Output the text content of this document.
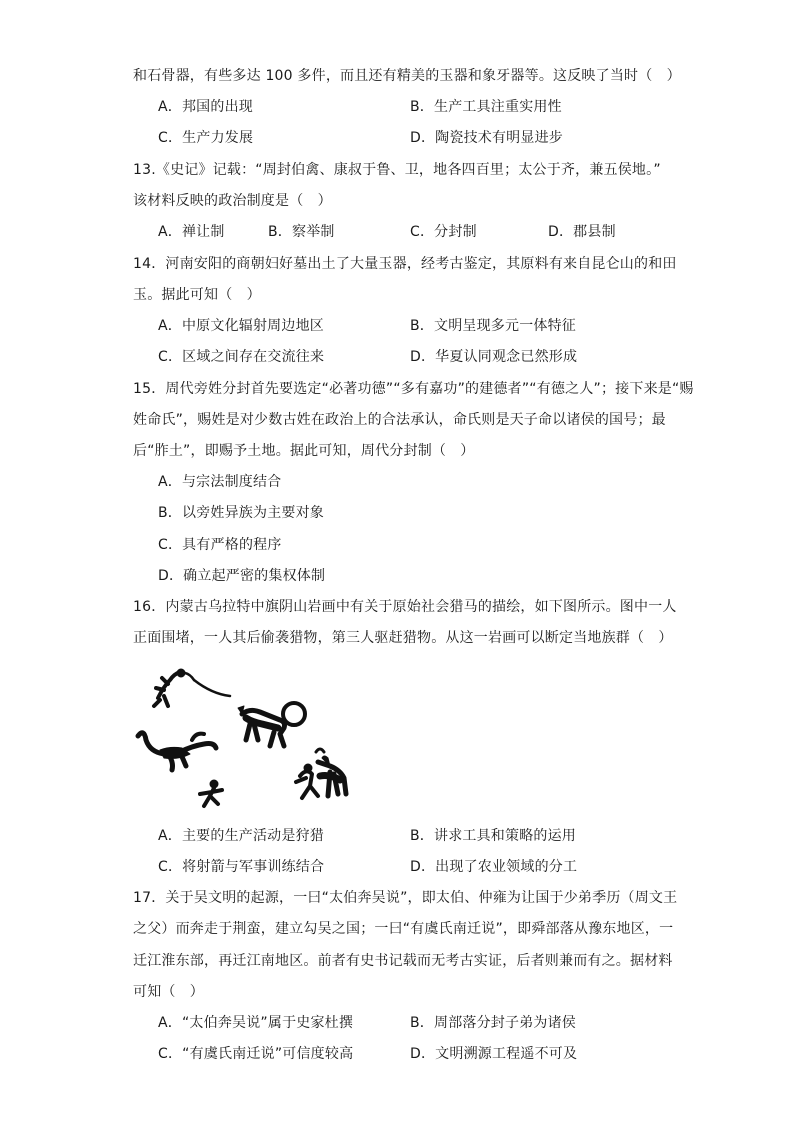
和石骨器，有些多达 100 多件，而且还有精美的玉器和象牙器等。这反映了当时（　）
A．邦国的出现	B．生产工具注重实用性
C．生产力发展	D．陶瓷技术有明显进步
13.《史记》记载：“周封伯禽、康叔于鲁、卫，地各四百里；太公于齐，兼五侯地。”
该材料反映的政治制度是（　）
A．禅让制	B．察举制	C．分封制	D．郡县制
14．河南安阳的商朝妇好墓出土了大量玉器，经考古鉴定，其原料有来自昆仑山的和田
玉。据此可知（　）
A．中原文化辐射周边地区	B．文明呈现多元一体特征
C．区域之间存在交流往来	D．华夏认同观念已然形成
15．周代旁姓分封首先要选定“必著功德”“多有嘉功”的建德者”“有德之人”；接下来是“赐
姓命氏”，赐姓是对少数古姓在政治上的合法承认，命氏则是天子命以诸侯的国号；最
后“胙土”，即赐予土地。据此可知，周代分封制（　）
A．与宗法制度结合
B．以旁姓异族为主要对象
C．具有严格的程序
D．确立起严密的集权体制
16．内蒙古乌拉特中旗阴山岩画中有关于原始社会猎马的描绘，如下图所示。图中一人
正面围堵，一人其后偷袭猎物，第三人驱赶猎物。从这一岩画可以断定当地族群（　）
A．主要的生产活动是狩猎	B．讲求工具和策略的运用
C．将射箭与军事训练结合	D．出现了农业领域的分工
17．关于吴文明的起源，一曰“太伯奔吴说”，即太伯、仲雍为让国于少弟季历（周文王
之父）而奔走于荆蛮，建立勾吴之国；一曰“有虞氏南迁说”，即舜部落从豫东地区，一
迁江淮东部，再迁江南地区。前者有史书记载而无考古实证，后者则兼而有之。据材料
可知（　）
A．“太伯奔吴说”属于史家杜撰	B．周部落分封子弟为诸侯
C．“有虞氏南迁说”可信度较高	D．文明溯源工程遥不可及
